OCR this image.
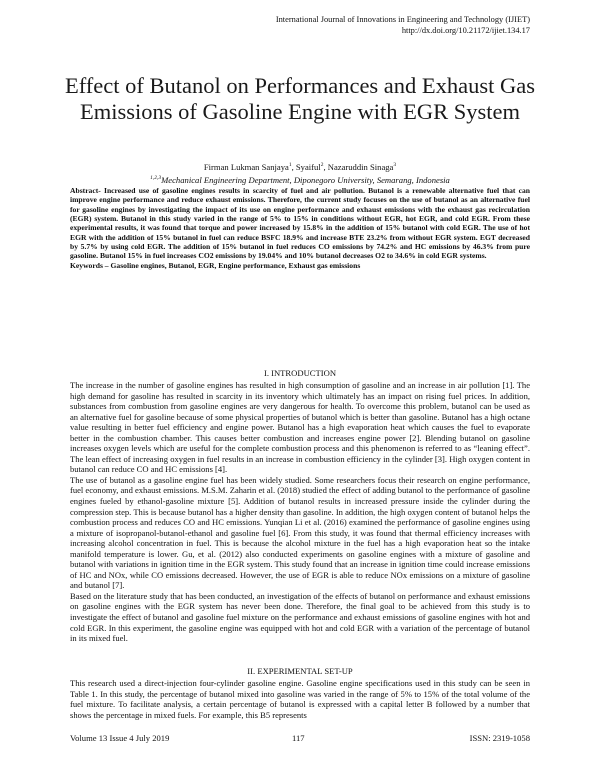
International Journal of Innovations in Engineering and Technology (IJIET)
http://dx.doi.org/10.21172/ijiet.134.17
Effect of Butanol on Performances and Exhaust Gas Emissions of Gasoline Engine with EGR System
Firman Lukman Sanjaya$^1$, Syaiful$^2$, Nazaruddin Sinaga$^3$
$^{1,2,3}$Mechanical Engineering Department, Diponegoro University, Semarang, Indonesia
Abstract- Increased use of gasoline engines results in scarcity of fuel and air pollution. Butanol is a renewable alternative fuel that can improve engine performance and reduce exhaust emissions. Therefore, the current study focuses on the use of butanol as an alternative fuel for gasoline engines by investigating the impact of its use on engine performance and exhaust emissions with the exhaust gas recirculation (EGR) system. Butanol in this study varied in the range of 5% to 15% in conditions without EGR, hot EGR, and cold EGR. From these experimental results, it was found that torque and power increased by 15.8% in the addition of 15% butanol with cold EGR. The use of hot EGR with the addition of 15% butanol in fuel can reduce BSFC 18.9% and increase BTE 23.2% from without EGR system. EGT decreased by 5.7% by using cold EGR. The addition of 15% butanol in fuel reduces CO emissions by 74.2% and HC emissions by 46.3% from pure gasoline. Butanol 15% in fuel increases CO2 emissions by 19.04% and 10% butanol decreases O2 to 34.6% in cold EGR systems.
Keywords – Gasoline engines, Butanol, EGR, Engine performance, Exhaust gas emissions
I. INTRODUCTION

The increase in the number of gasoline engines has resulted in high consumption of gasoline and an increase in air pollution [1]. The high demand for gasoline has resulted in scarcity in its inventory which ultimately has an impact on rising fuel prices. In addition, substances from combustion from gasoline engines are very dangerous for health. To overcome this problem, butanol can be used as an alternative fuel for gasoline because of some physical properties of butanol which is better than gasoline. Butanol has a high octane value resulting in better fuel efficiency and engine power. Butanol has a high evaporation heat which causes the fuel to evaporate better in the combustion chamber. This causes better combustion and increases engine power [2]. Blending butanol on gasoline increases oxygen levels which are useful for the complete combustion process and this phenomenon is referred to as “leaning effect”. The lean effect of increasing oxygen in fuel results in an increase in combustion efficiency in the cylinder [3]. High oxygen content in butanol can reduce CO and HC emissions [4].

The use of butanol as a gasoline engine fuel has been widely studied. Some researchers focus their research on engine performance, fuel economy, and exhaust emissions. M.S.M. Zaharin et al. (2018) studied the effect of adding butanol to the performance of gasoline engines fueled by ethanol-gasoline mixture [5]. Addition of butanol results in increased pressure inside the cylinder during the compression step. This is because butanol has a higher density than gasoline. In addition, the high oxygen content of butanol helps the combustion process and reduces CO and HC emissions. Yunqian Li et al. (2016) examined the performance of gasoline engines using a mixture of isopropanol-butanol-ethanol and gasoline fuel [6]. From this study, it was found that thermal efficiency increases with increasing alcohol concentration in fuel. This is because the alcohol mixture in the fuel has a high evaporation heat so the intake manifold temperature is lower. Gu, et al. (2012) also conducted experiments on gasoline engines with a mixture of gasoline and butanol with variations in ignition time in the EGR system. This study found that an increase in ignition time could increase emissions of HC and NOx, while CO emissions decreased. However, the use of EGR is able to reduce NOx emissions on a mixture of gasoline and butanol [7].

Based on the literature study that has been conducted, an investigation of the effects of butanol on performance and exhaust emissions on gasoline engines with the EGR system has never been done. Therefore, the final goal to be achieved from this study is to investigate the effect of butanol and gasoline fuel mixture on the performance and exhaust emissions of gasoline engines with hot and cold EGR. In this experiment, the gasoline engine was equipped with hot and cold EGR with a variation of the percentage of butanol in its mixed fuel.

II. EXPERIMENTAL SET-UP

This research used a direct-injection four-cylinder gasoline engine. Gasoline engine specifications used in this study can be seen in Table 1. In this study, the percentage of butanol mixed into gasoline was varied in the range of 5% to 15% of the total volume of the fuel mixture. To facilitate analysis, a certain percentage of butanol is expressed with a capital letter B followed by a number that shows the percentage in mixed fuels. For example, this B5 represents

Volume 13 Issue 4 July 2019	117	ISSN: 2319-1058
